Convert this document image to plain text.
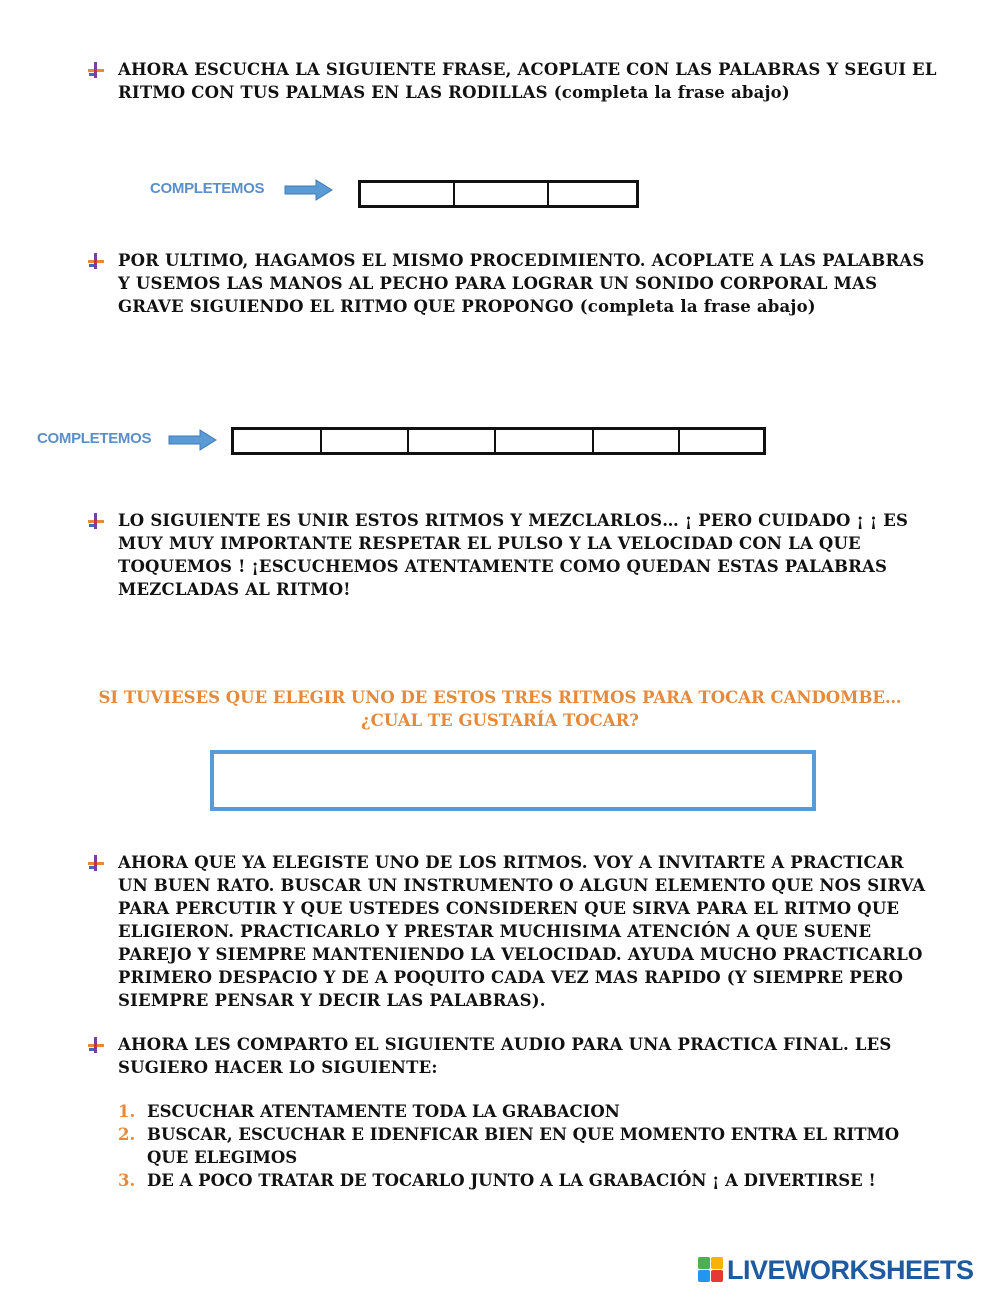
AHORA ESCUCHA LA SIGUIENTE FRASE, ACOPLATE CON LAS PALABRAS Y SEGUI EL RITMO CON TUS PALMAS EN LAS RODILLAS (completa la frase abajo)
COMPLETEMOS
POR ULTIMO, HAGAMOS EL MISMO PROCEDIMIENTO. ACOPLATE A LAS PALABRAS Y USEMOS LAS MANOS AL PECHO PARA LOGRAR UN SONIDO CORPORAL MAS GRAVE SIGUIENDO EL RITMO QUE PROPONGO (completa la frase abajo)
COMPLETEMOS
LO SIGUIENTE ES UNIR ESTOS RITMOS Y MEZCLARLOS… ¡ PERO CUIDADO ¡ ¡ ES MUY MUY IMPORTANTE RESPETAR EL PULSO Y LA VELOCIDAD CON LA QUE TOQUEMOS ! ¡ESCUCHEMOS ATENTAMENTE COMO QUEDAN ESTAS PALABRAS MEZCLADAS AL RITMO!
SI TUVIESES QUE ELEGIR UNO DE ESTOS TRES RITMOS PARA TOCAR CANDOMBE…
¿CUAL TE GUSTARÍA TOCAR?
AHORA QUE YA ELEGISTE UNO DE LOS RITMOS. VOY A INVITARTE A PRACTICAR UN BUEN RATO. BUSCAR UN INSTRUMENTO O ALGUN ELEMENTO QUE NOS SIRVA PARA PERCUTIR Y QUE USTEDES CONSIDEREN QUE SIRVA PARA EL RITMO QUE ELIGIERON. PRACTICARLO Y PRESTAR MUCHISIMA ATENCIÓN A QUE SUENE PAREJO Y SIEMPRE MANTENIENDO LA VELOCIDAD. AYUDA MUCHO PRACTICARLO PRIMERO DESPACIO Y DE A POQUITO CADA VEZ MAS RAPIDO (Y SIEMPRE PERO SIEMPRE PENSAR Y DECIR LAS PALABRAS).
AHORA LES COMPARTO EL SIGUIENTE AUDIO PARA UNA PRACTICA FINAL. LES SUGIERO HACER LO SIGUIENTE:
1. ESCUCHAR ATENTAMENTE TODA LA GRABACION
2. BUSCAR, ESCUCHAR E IDENFICAR BIEN EN QUE MOMENTO ENTRA EL RITMO QUE ELEGIMOS
3. DE A POCO TRATAR DE TOCARLO JUNTO A LA GRABACIÓN ¡ A DIVERTIRSE !
LIVEWORKSHEETS
